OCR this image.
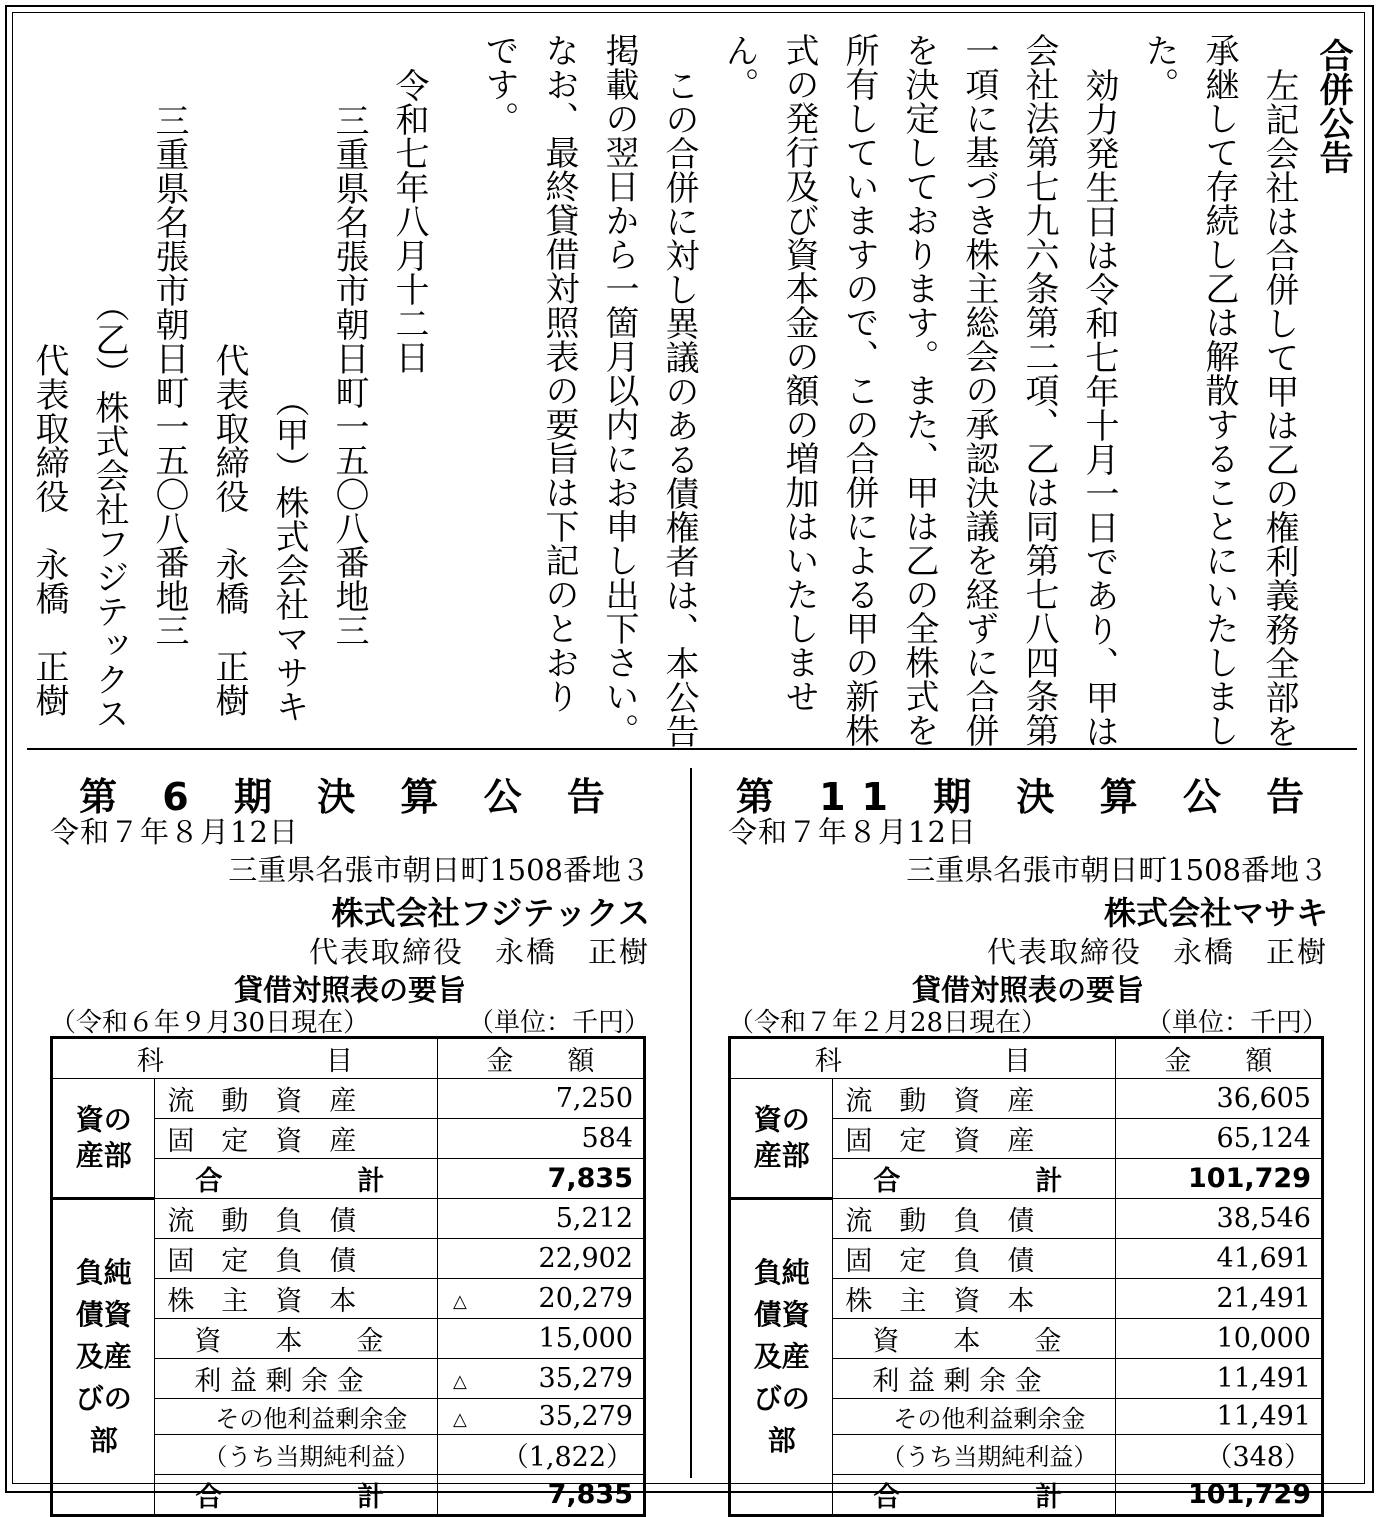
合併公告
左記会社は合併して甲は乙の権利義務全部を
承継して存続し乙は解散することにいたしまし
た。
効力発生日は令和七年十月一日であり、甲は
会社法第七九六条第二項、乙は同第七八四条第
一項に基づき株主総会の承認決議を経ずに合併
を決定しております。また、甲は乙の全株式を
所有していますので、この合併による甲の新株
式の発行及び資本金の額の増加はいたしませ
ん。
この合併に対し異議のある債権者は、本公告
掲載の翌日から一箇月以内にお申し出下さい。
なお、最終貸借対照表の要旨は下記のとおり
です。
令和七年八月十二日
三重県名張市朝日町一五〇八番地三
（甲）株式会社マサキ
代表取締役　永橋　正樹
三重県名張市朝日町一五〇八番地三
（乙）株式会社フジテックス
代表取締役　永橋　正樹
第 6 期 決 算 公 告
令和７年８月12日
三重県名張市朝日町1508番地３
株式会社フジテックス
代表取締役　永橋　正樹
貸借対照表の要旨
（令和６年９月30日現在）	（単位：千円）
科　　　　　　目		金　　額

資の産部	流　動　資　産	7,250
	固　定　資　産	584
	合　　　　　計	7,835

負純債資及産びの部	流　動　負　債	5,212
	固　定　負　債	22,902
	株　主　資　本	△ 20,279
	　資　　本　　金	15,000
	　利 益 剰 余 金	△ 35,279
	　　その他利益剰余金	△ 35,279
	　　（うち当期純利益）	（1,822）
	合　　　　　計	7,835
第 11 期 決 算 公 告
令和７年８月12日
三重県名張市朝日町1508番地３
株式会社マサキ
代表取締役　永橋　正樹
貸借対照表の要旨
（令和７年２月28日現在）	（単位：千円）
科　　　　　　目		金　　額

資の産部	流　動　資　産	36,605
	固　定　資　産	65,124
	合　　　　　計	101,729

負純債資及産びの部	流　動　負　債	38,546
	固　定　負　債	41,691
	株　主　資　本	21,491
	　資　　本　　金	10,000
	　利 益 剰 余 金	11,491
	　　その他利益剰余金	11,491
	　　（うち当期純利益）	（348）
	合　　　　　計	101,729
